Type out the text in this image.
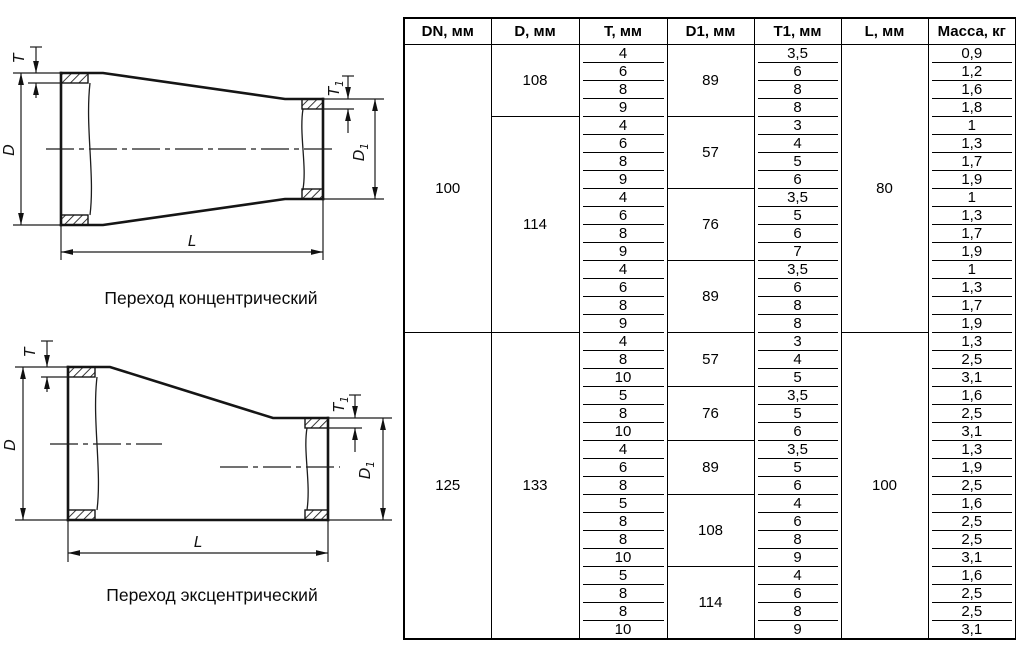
D
T
$T_1$
$D_1$
L
Переход концентрический
D
T
$T_1$
$D_1$
L
Переход эксцентрический
DN, мм	D, мм	T, мм	D1, мм	T1, мм	L, мм	Масса, кг
100	108	4	89	3,5	80	0,9
		6		6		1,2
		8		8		1,6
		9		8		1,8
	114	4	57	3		1
		6		4		1,3
		8		5		1,7
		9		6		1,9
		4	76	3,5		1
		6		5		1,3
		8		6		1,7
		9		7		1,9
		4	89	3,5		1
		6		6		1,3
		8		8		1,7
		9		8		1,9
125	133	4	57	3	100	1,3
		8		4		2,5
		10		5		3,1
		5	76	3,5		1,6
		8		5		2,5
		10		6		3,1
		4	89	3,5		1,3
		6		5		1,9
		8		6		2,5
		5	108	4		1,6
		8		6		2,5
		8		8		2,5
		10		9		3,1
		5	114	4		1,6
		8		6		2,5
		8		8		2,5
		10		9		3,1
